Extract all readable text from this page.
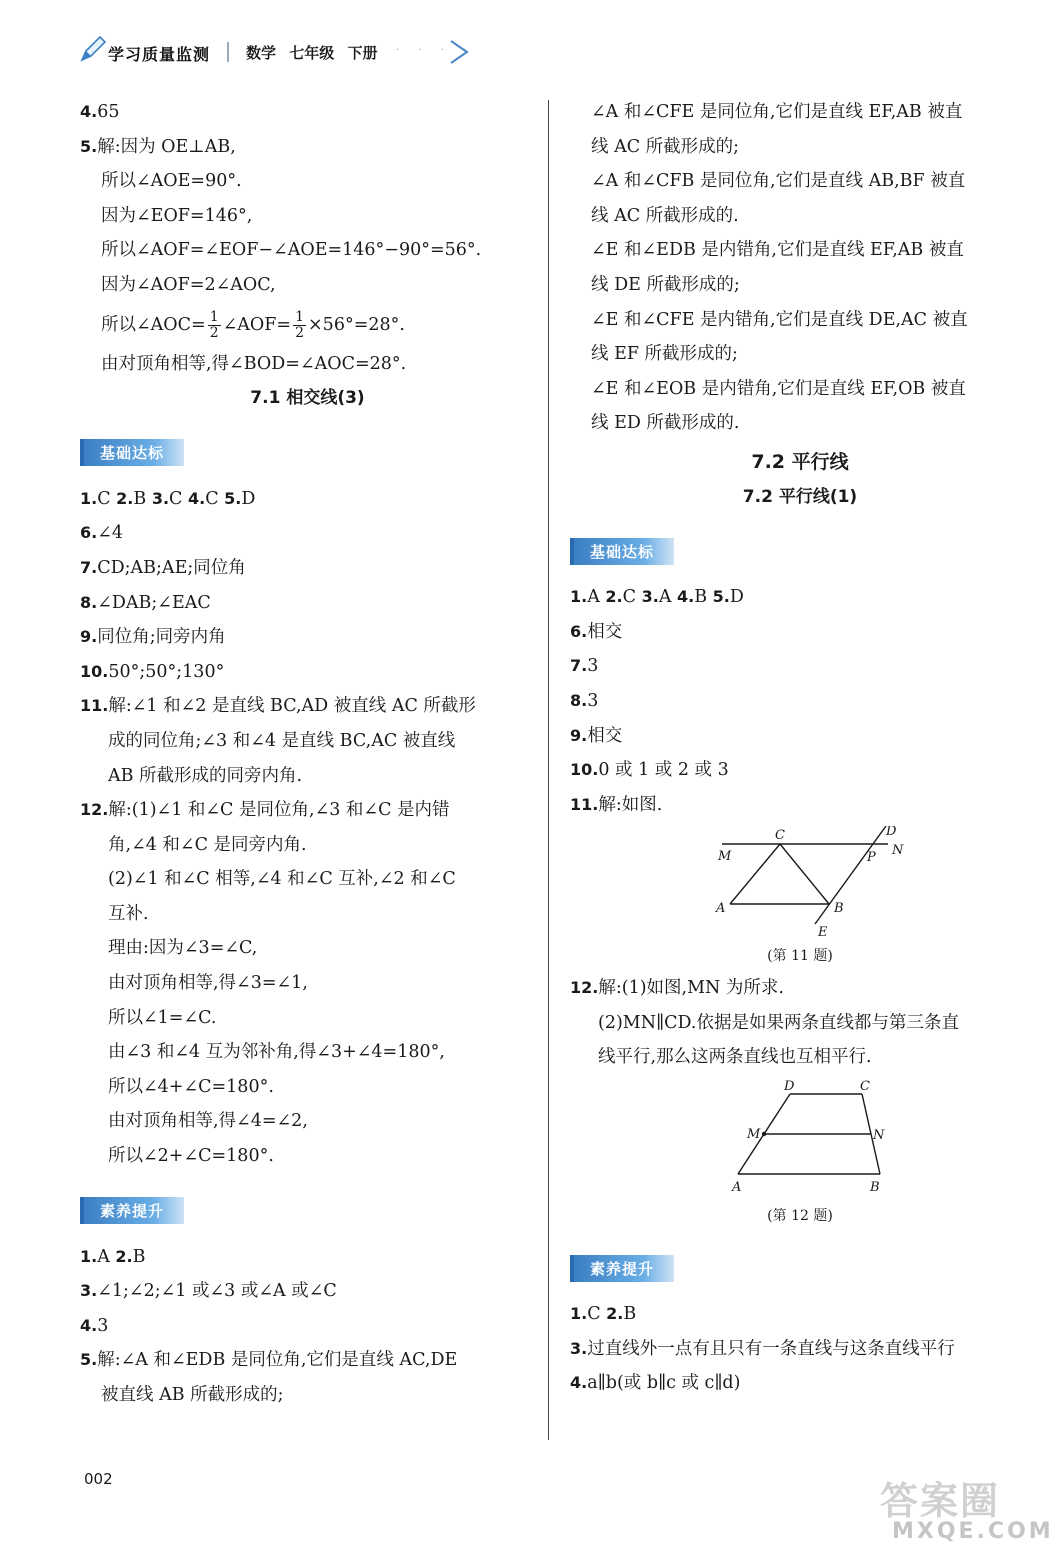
学习质量监测 数学 七年级 下册 . . . .
4.65
5.解:因为 OE⊥AB,
所以∠AOE=90°.
因为∠EOF=146°,
所以∠AOF=∠EOF−∠AOE=146°−90°=56°.
因为∠AOF=2∠AOC,
所以∠AOC= $\frac{1}{2}$ ∠AOF= $\frac{1}{2} \times 56^\circ=28^\circ$.
由对顶角相等,得∠BOD=∠AOC=28°.
7.1 相交线(3)
基础达标
1.C 2.B 3.C 4.C 5.D
6.∠4
7.CD;AB;AE;同位角
8.∠DAB;∠EAC
9.同位角;同旁内角
10.50°;50°;130°
11.解:∠1 和∠2 是直线 BC,AD 被直线 AC 所截形
成的同位角;∠3 和∠4 是直线 BC,AC 被直线
AB 所截形成的同旁内角.
12.解:(1)∠1 和∠C 是同位角,∠3 和∠C 是内错
角,∠4 和∠C 是同旁内角.
(2)∠1 和∠C 相等,∠4 和∠C 互补,∠2 和∠C
互补.
理由:因为∠3=∠C,
由对顶角相等,得∠3=∠1,
所以∠1=∠C.
由∠3 和∠4 互为邻补角,得∠3+∠4=180°,
所以∠4+∠C=180°.
由对顶角相等,得∠4=∠2,
所以∠2+∠C=180°.
素养提升
1.A 2.B
3.∠1;∠2;∠1 或∠3 或∠A 或∠C
4.3
5.解:∠A 和∠EDB 是同位角,它们是直线 AC,DE
被直线 AB 所截形成的;
∠A 和∠CFE 是同位角,它们是直线 EF,AB 被直
线 AC 所截形成的;
∠A 和∠CFB 是同位角,它们是直线 AB,BF 被直
线 AC 所截形成的.
∠E 和∠EDB 是内错角,它们是直线 EF,AB 被直
线 DE 所截形成的;
∠E 和∠CFE 是内错角,它们是直线 DE,AC 被直
线 EF 所截形成的;
∠E 和∠EOB 是内错角,它们是直线 EF,OB 被直
线 ED 所截形成的.
7.2 平行线
7.2 平行线(1)
基础达标
1.A 2.C 3.A 4.B 5.D
6.相交
7.3
8.3
9.相交
10.0 或 1 或 2 或 3
11.解:如图.
C	D
M	P N
A	B
E
(第 11 题)
12.解:(1)如图,MN 为所求.
(2)MN∥CD.依据是如果两条直线都与第三条直
线平行,那么这两条直线也互相平行.
D	C
M	N
A	B
(第 12 题)
素养提升
1.C 2.B
3.过直线外一点有且只有一条直线与这条直线平行
4.a∥b(或 b∥c 或 c∥d)
002	答案圈
MXQE.COM
